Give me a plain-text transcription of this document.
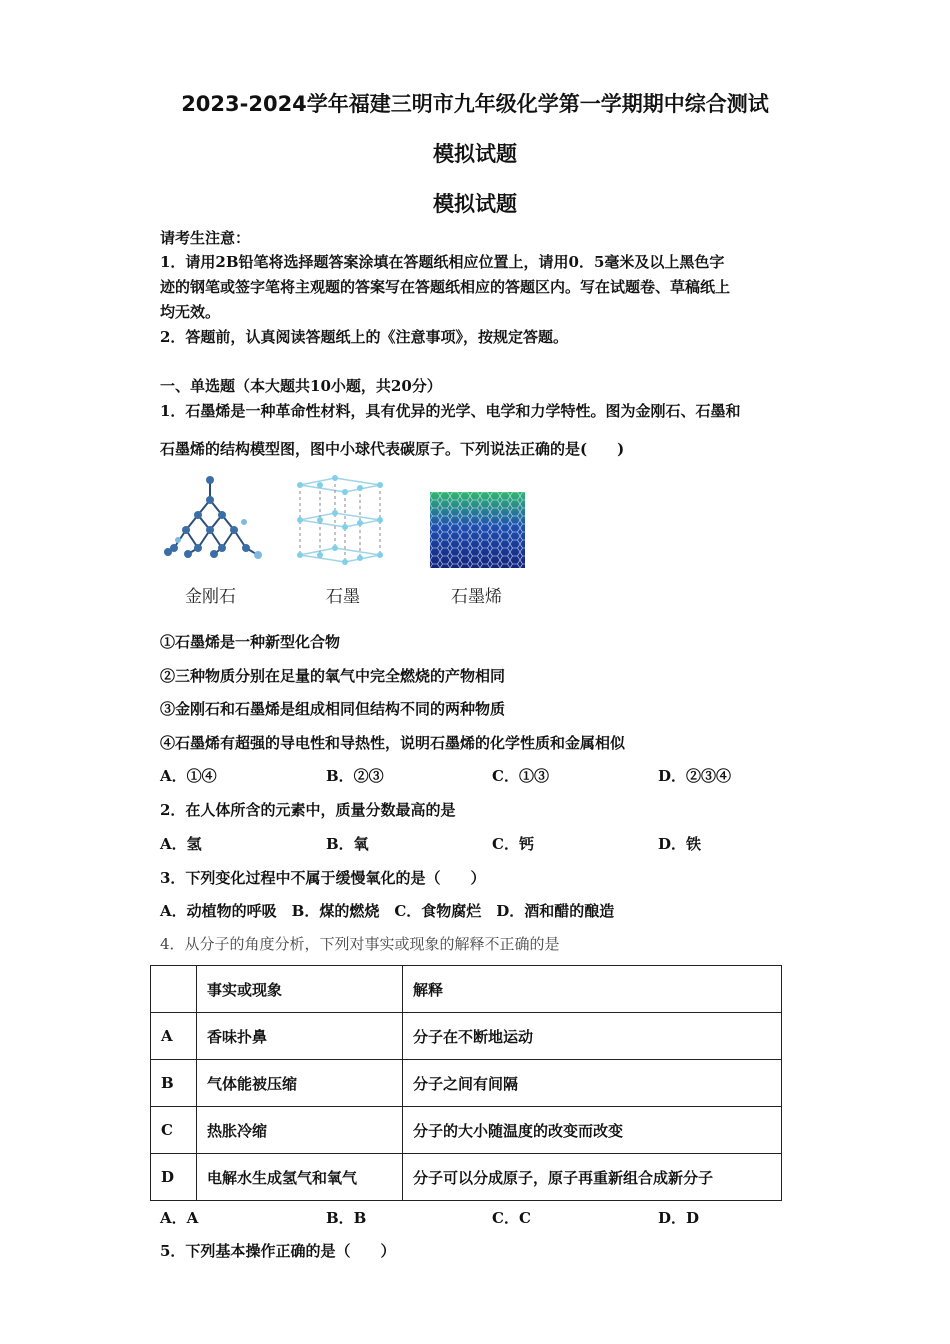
2023-2024学年福建三明市九年级化学第一学期期中综合测试
模拟试题
模拟试题
请考生注意：
1．请用2B铅笔将选择题答案涂填在答题纸相应位置上，请用0．5毫米及以上黑色字
迹的钢笔或签字笔将主观题的答案写在答题纸相应的答题区内。写在试题卷、草稿纸上
均无效。
2．答题前，认真阅读答题纸上的《注意事项》，按规定答题。
一、单选题（本大题共10小题，共20分）
1．石墨烯是一种革命性材料，具有优异的光学、电学和力学特性。图为金刚石、石墨和
石墨烯的结构模型图，图中小球代表碳原子。下列说法正确的是(　　)
金刚石	石墨	石墨烯
①石墨烯是一种新型化合物
②三种物质分别在足量的氧气中完全燃烧的产物相同
③金刚石和石墨烯是组成相同但结构不同的两种物质
④石墨烯有超强的导电性和导热性，说明石墨烯的化学性质和金属相似
A．①④	B．②③	C．①③	D．②③④
2．在人体所含的元素中，质量分数最高的是
A．氢	B．氧	C．钙	D．铁
3．下列变化过程中不属于缓慢氧化的是（　　）
A．动植物的呼吸　B．煤的燃烧　C．食物腐烂　D．酒和醋的酿造
4．从分子的角度分析，下列对事实或现象的解释不正确的是
	事实或现象	解释
A	香味扑鼻	分子在不断地运动
B	气体能被压缩	分子之间有间隔
C	热胀冷缩	分子的大小随温度的改变而改变
D	电解水生成氢气和氧气	分子可以分成原子，原子再重新组合成新分子
A．A	B．B	C．C	D．D
5．下列基本操作正确的是（　　）
